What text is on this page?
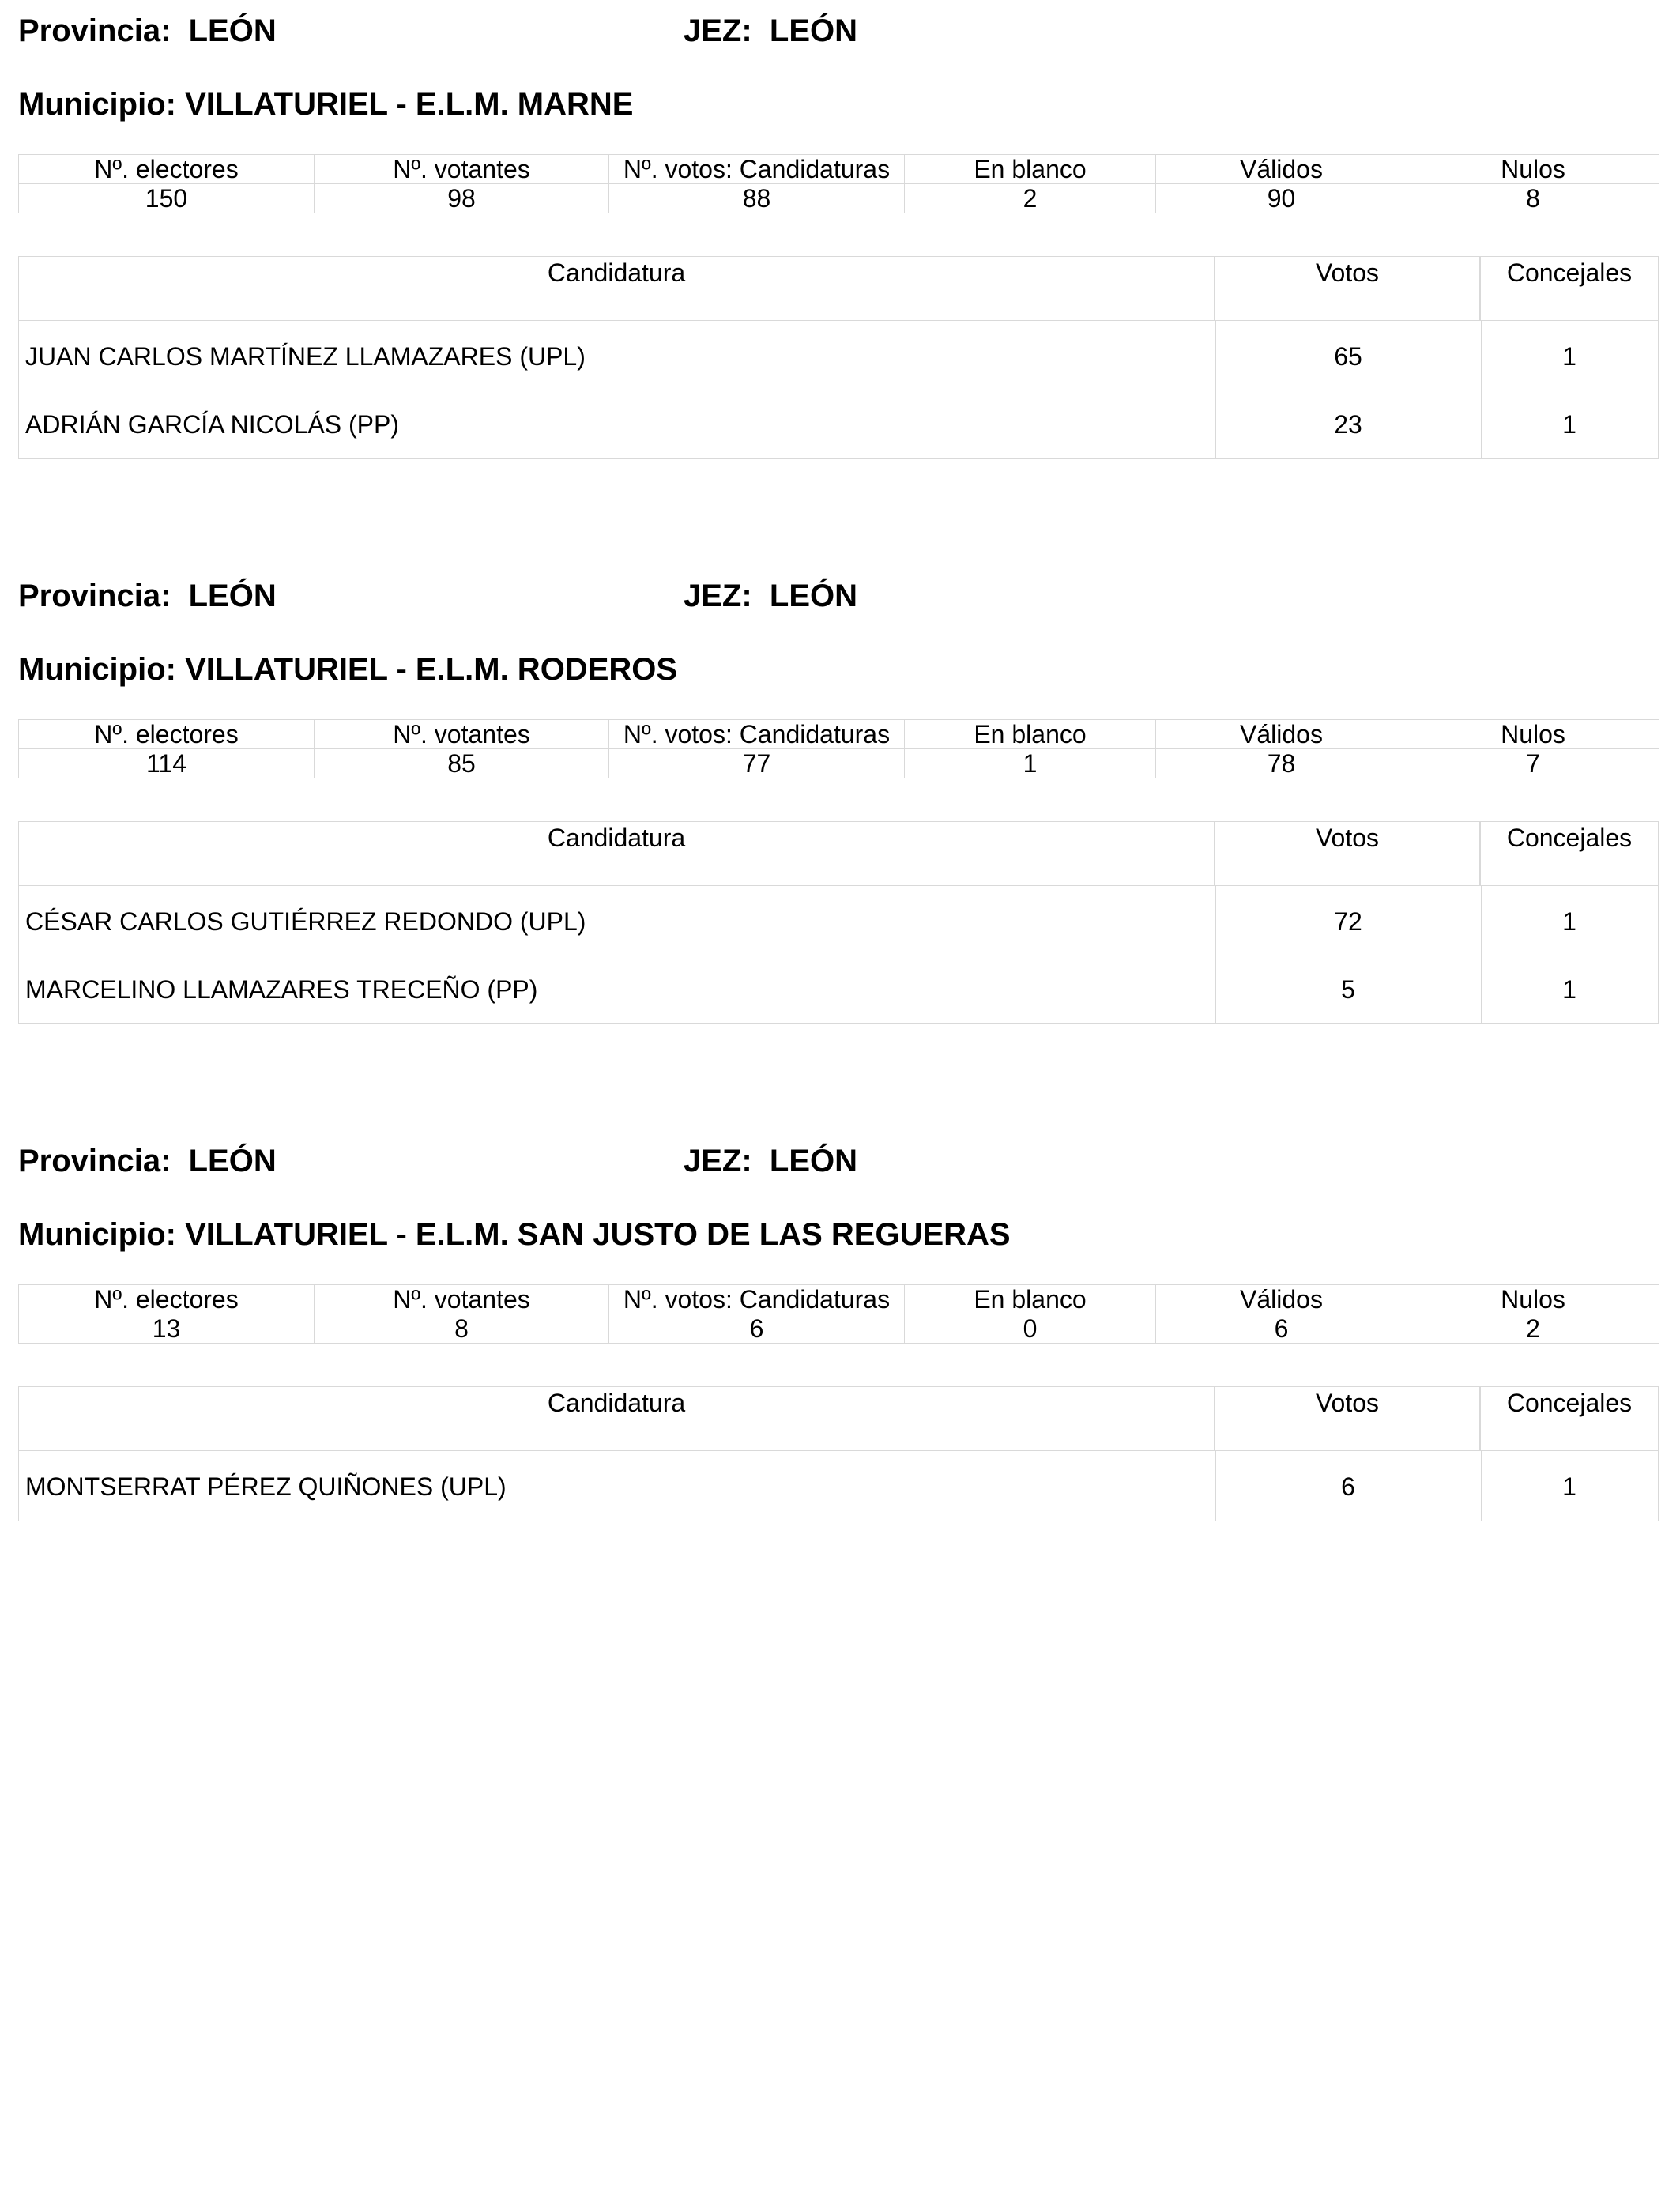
Provincia:  LEÓN	JEZ:  LEÓN
Municipio: VILLATURIEL - E.L.M. MARNE
Nº. electores	Nº. votantes	Nº. votos: Candidaturas	En blanco	Válidos	Nulos
150	98	88	2	90	8
Candidatura	Votos	Concejales
JUAN CARLOS MARTÍNEZ LLAMAZARES (UPL)	65	1
ADRIÁN GARCÍA NICOLÁS (PP)	23	1
Provincia:  LEÓN	JEZ:  LEÓN
Municipio: VILLATURIEL - E.L.M. RODEROS
Nº. electores	Nº. votantes	Nº. votos: Candidaturas	En blanco	Válidos	Nulos
114	85	77	1	78	7
Candidatura	Votos	Concejales
CÉSAR CARLOS GUTIÉRREZ REDONDO (UPL)	72	1
MARCELINO LLAMAZARES TRECEÑO (PP)	5	1
Provincia:  LEÓN	JEZ:  LEÓN
Municipio: VILLATURIEL - E.L.M. SAN JUSTO DE LAS REGUERAS
Nº. electores	Nº. votantes	Nº. votos: Candidaturas	En blanco	Válidos	Nulos
13	8	6	0	6	2
Candidatura	Votos	Concejales
MONTSERRAT PÉREZ QUIÑONES (UPL)	6	1
